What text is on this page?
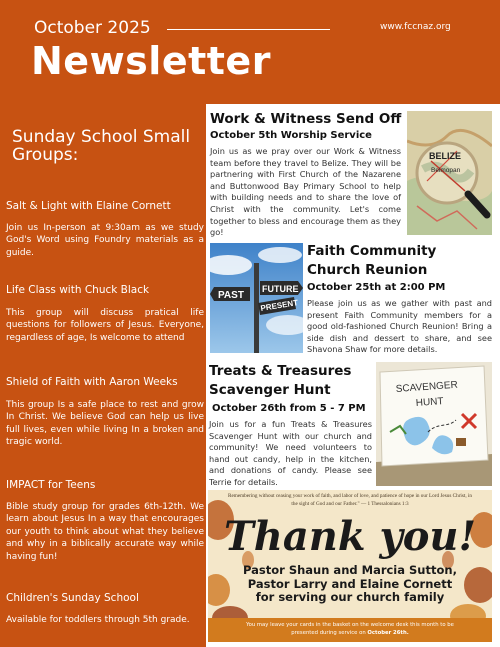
October 2025	www.fccnaz.org
Newsletter
Sunday School Small Groups:
Salt & Light with Elaine Cornett
Join us In-person at 9:30am as we study God's Word using Foundry materials as a guide.
Life Class with Chuck Black
This group will discuss pratical life questions for followers of Jesus. Everyone, regardless of age, Is welcome to attend
Shield of Faith with Aaron Weeks
This group Is a safe place to rest and grow In Christ. We believe God can help us live full lives, even while living In a broken and tragic world.
IMPACT for Teens
Bible study group for grades 6th-12th. We learn about Jesus In a way that encourages our youth to think about what they believe and why in a biblically accurate way while having fun!
Children's Sunday School
Available for toddlers through 5th grade.
Work & Witness Send Off
October 5th Worship Service
Join us as we pray over our Work & Witness team before they travel to Belize. They will be partnering with First Church of the Nazarene and Buttonwood Bay Primary School to help with building needs and to share the love of Christ with the community. Let's come together to bless and encourage them as they go!
BELIZE
Belmopan
PAST
FUTURE
PRESENT
Faith Community Church Reunion
October 25th at 2:00 PM
Please join us as we gather with past and present Faith Community members for a good old-fashioned Church Reunion! Bring a side dish and dessert to share, and see Shavona Shaw for more details.
Treats & Treasures Scavenger Hunt
October 26th from 5 - 7 PM
Join us for a fun Treats & Treasures Scavenger Hunt with our church and community! We need volunteers to hand out candy, help in the kitchen, and donations of candy. Please see Terrie for details.
SCAVENGER
HUNT
Remembering without ceasing your work of faith, and labor of love, and patience of hope in our Lord Jesus Christ, in the sight of God and our Father." — 1 Thessalonians 1:3
Thank you!
Pastor Shaun and Marcia Sutton,
Pastor Larry and Elaine Cornett
for serving our church family
You may leave your cards in the basket on the welcome desk this month to be
presented during service on October 26th.
